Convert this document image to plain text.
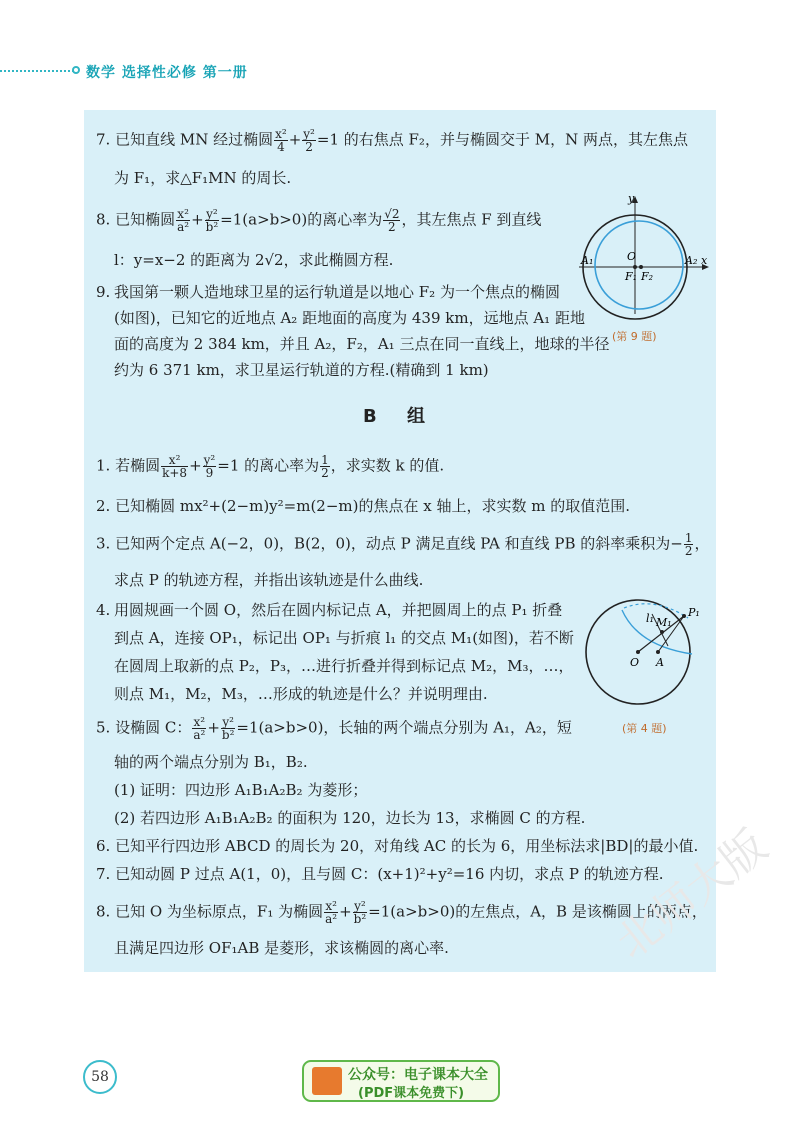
数学 选择性必修 第一册
7. 已知直线 MN 经过椭圆 $\frac{\text{x²}}{4} + \frac{\text{y²}}{2} =1$ 的右焦点 F₂，并与椭圆交于 M，N 两点，其左焦点
为 F₁，求△F₁MN 的周长.
8. 已知椭圆 $\frac{\text{x²}}{\text{a²}} + \frac{\text{y²}}{\text{b²}} =1(a>b>0)$的离心率为 $\frac{√2}{2}$ ，其左焦点 F 到直线
l：y=x−2 的距离为 2√2，求此椭圆方程.
9. 我国第一颗人造地球卫星的运行轨道是以地心 F₂ 为一个焦点的椭圆
(如图)，已知它的近地点 A₂ 距地面的高度为 439 km，远地点 A₁ 距地
面的高度为 2 384 km，并且 A₂，F₂，A₁ 三点在同一直线上，地球的半径
约为 6 371 km，求卫星运行轨道的方程.(精确到 1 km)
y
x
O
A₁	A₂
F₁ F₂
(第 9 题)
B 组
1. 若椭圆 $\frac{\text{x²}}{k+8} + \frac{\text{y²}}{9} =1$ 的离心率为 $\frac{1}{2}$ ，求实数 k 的值.
2. 已知椭圆 mx²+(2−m)y²=m(2−m)的焦点在 x 轴上，求实数 m 的取值范围.
3. 已知两个定点 A(−2，0)，B(2，0)，动点 P 满足直线 PA 和直线 PB 的斜率乘积为− $\frac{1}{2}$ ，
求点 P 的轨迹方程，并指出该轨迹是什么曲线.
4. 用圆规画一个圆 O，然后在圆内标记点 A，并把圆周上的点 P₁ 折叠
到点 A，连接 OP₁，标记出 OP₁ 与折痕 l₁ 的交点 M₁(如图)，若不断
在圆周上取新的点 P₂，P₃，…进行折叠并得到标记点 M₂，M₃，…，
则点 M₁，M₂，M₃，…形成的轨迹是什么？并说明理由.
l₁ M₁
P₁
O A
(第 4 题)
5. 设椭圆 C： $\frac{\text{x²}}{\text{a²}} + \frac{\text{y²}}{\text{b²}} =1(a>b>0)$，长轴的两个端点分别为 A₁，A₂，短
轴的两个端点分别为 B₁，B₂.
(1) 证明：四边形 A₁B₁A₂B₂ 为菱形；
(2) 若四边形 A₁B₁A₂B₂ 的面积为 120，边长为 13，求椭圆 C 的方程.
6. 已知平行四边形 ABCD 的周长为 20，对角线 AC 的长为 6，用坐标法求|BD|的最小值.
7. 已知动圆 P 过点 A(1，0)，且与圆 C：(x+1)²+y²=16 内切，求点 P 的轨迹方程.
8. 已知 O 为坐标原点，F₁ 为椭圆 $\frac{\text{x²}}{\text{a²}} + \frac{\text{y²}}{\text{b²}} =1(a>b>0)$的左焦点，A，B 是该椭圆上的两点，
且满足四边形 OF₁AB 是菱形，求该椭圆的离心率.
58	公众号：电子课本大全
(PDF课本免费下)
北师大版
